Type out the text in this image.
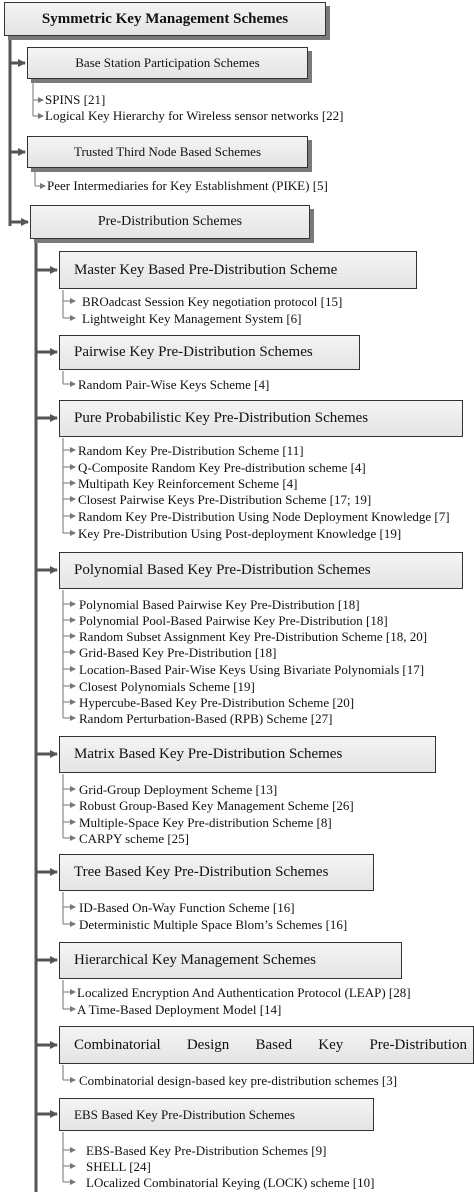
Symmetric Key Management Schemes
Base Station Participation Schemes
SPINS [21]
Logical Key Hierarchy for Wireless sensor networks [22]
Trusted Third Node Based Schemes
Peer Intermediaries for Key Establishment (PIKE) [5]
Pre-Distribution Schemes
Master Key Based Pre-Distribution Scheme
BROadcast Session Key negotiation protocol [15]
Lightweight Key Management System [6]
Pairwise Key Pre-Distribution Schemes
Random Pair-Wise Keys Scheme [4]
Pure Probabilistic Key Pre-Distribution Schemes
Random Key Pre-Distribution Scheme [11]
Q-Composite Random Key Pre-distribution scheme [4]
Multipath Key Reinforcement Scheme [4]
Closest Pairwise Keys Pre-Distribution Scheme [17; 19]
Random Key Pre-Distribution Using Node Deployment Knowledge [7]
Key Pre-Distribution Using Post-deployment Knowledge [19]
Polynomial Based Key Pre-Distribution Schemes
Polynomial Based Pairwise Key Pre-Distribution [18]
Polynomial Pool-Based Pairwise Key Pre-Distribution [18]
Random Subset Assignment Key Pre-Distribution Scheme [18, 20]
Grid-Based Key Pre-Distribution [18]
Location-Based Pair-Wise Keys Using Bivariate Polynomials [17]
Closest Polynomials Scheme [19]
Hypercube-Based Key Pre-Distribution Scheme [20]
Random Perturbation-Based (RPB) Scheme [27]
Matrix Based Key Pre-Distribution Schemes
Grid-Group Deployment Scheme [13]
Robust Group-Based Key Management Scheme [26]
Multiple-Space Key Pre-distribution Scheme [8]
CARPY scheme [25]
Tree Based Key Pre-Distribution Schemes
ID-Based On-Way Function Scheme [16]
Deterministic Multiple Space Blom’s Schemes [16]
Hierarchical Key Management Schemes
Localized Encryption And Authentication Protocol (LEAP) [28]
A Time-Based Deployment Model [14]
Combinatorial Design Based Key Pre-Distribution
Combinatorial design-based key pre-distribution schemes [3]
EBS Based Key Pre-Distribution Schemes
EBS-Based Key Pre-Distribution Schemes [9]
SHELL [24]
LOcalized Combinatorial Keying (LOCK) scheme [10]
